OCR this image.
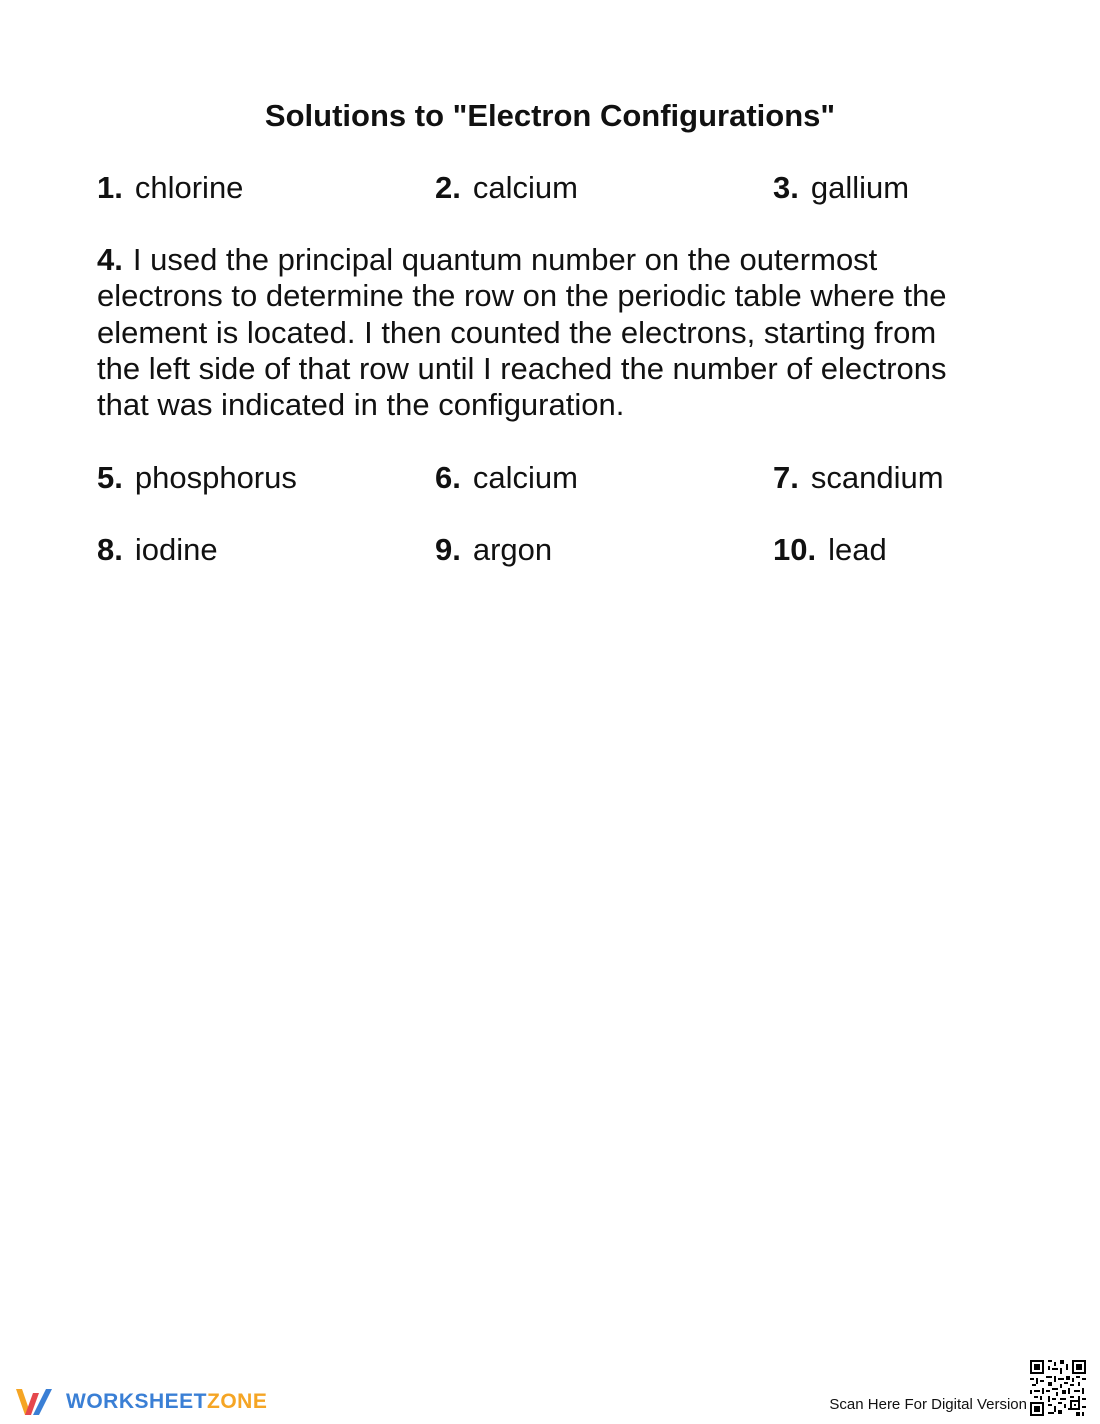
Solutions to "Electron Configurations"
1. chlorine	2. calcium	3. gallium
4. I used the principal quantum number on the outermost electrons to determine the row on the periodic table where the element is located. I then counted the electrons, starting from the left side of that row until I reached the number of electrons that was indicated in the configuration.
5. phosphorus	6. calcium	7. scandium
8. iodine	9. argon	10. lead
WORKSHEETZONE	Scan Here For Digital Version
